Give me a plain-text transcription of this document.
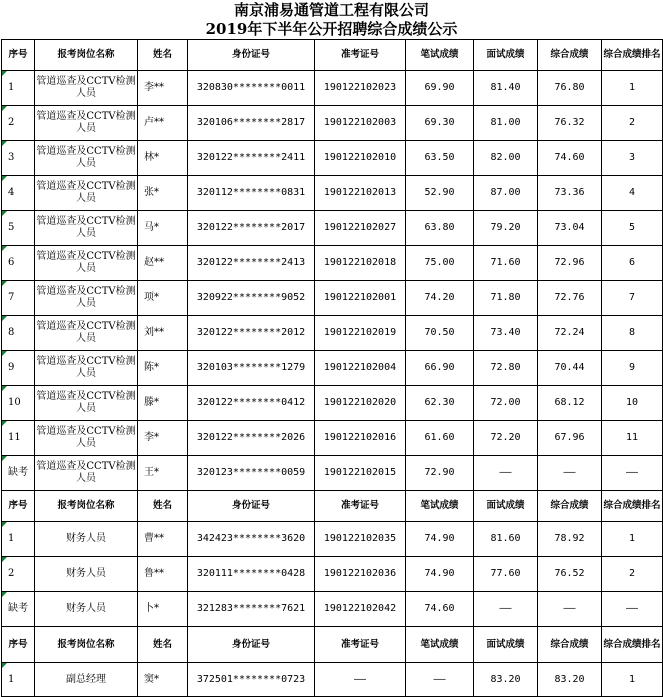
南京浦易通管道工程有限公司
2019年下半年公开招聘综合成绩公示
序号	报考岗位名称	姓名	身份证号	准考证号	笔试成绩	面试成绩	综合成绩	综合成绩排名
1	管道巡查及CCTV检测人员	李**	320830********0011	190122102023	69.90	81.40	76.80	1
2	管道巡查及CCTV检测人员	卢**	320106********2817	190122102003	69.30	81.00	76.32	2
3	管道巡查及CCTV检测人员	林*	320122********2411	190122102010	63.50	82.00	74.60	3
4	管道巡查及CCTV检测人员	张*	320112********0831	190122102013	52.90	87.00	73.36	4
5	管道巡查及CCTV检测人员	马*	320122********2017	190122102027	63.80	79.20	73.04	5
6	管道巡查及CCTV检测人员	赵**	320122********2413	190122102018	75.00	71.60	72.96	6
7	管道巡查及CCTV检测人员	项*	320922********9052	190122102001	74.20	71.80	72.76	7
8	管道巡查及CCTV检测人员	刘**	320122********2012	190122102019	70.50	73.40	72.24	8
9	管道巡查及CCTV检测人员	陈*	320103********1279	190122102004	66.90	72.80	70.44	9
10	管道巡查及CCTV检测人员	滕*	320122********0412	190122102020	62.30	72.00	68.12	10
11	管道巡查及CCTV检测人员	李*	320122********2026	190122102016	61.60	72.20	67.96	11
缺考	管道巡查及CCTV检测人员	王*	320123********0059	190122102015	72.90	——	——	——
序号	报考岗位名称	姓名	身份证号	准考证号	笔试成绩	面试成绩	综合成绩	综合成绩排名
1	财务人员	曹**	342423********3620	190122102035	74.90	81.60	78.92	1
2	财务人员	鲁**	320111********0428	190122102036	74.90	77.60	76.52	2
缺考	财务人员	卜*	321283********7621	190122102042	74.60	——	——	——
序号	报考岗位名称	姓名	身份证号	准考证号	笔试成绩	面试成绩	综合成绩	综合成绩排名
1	副总经理	窦*	372501********0723	——	——	83.20	83.20	1
